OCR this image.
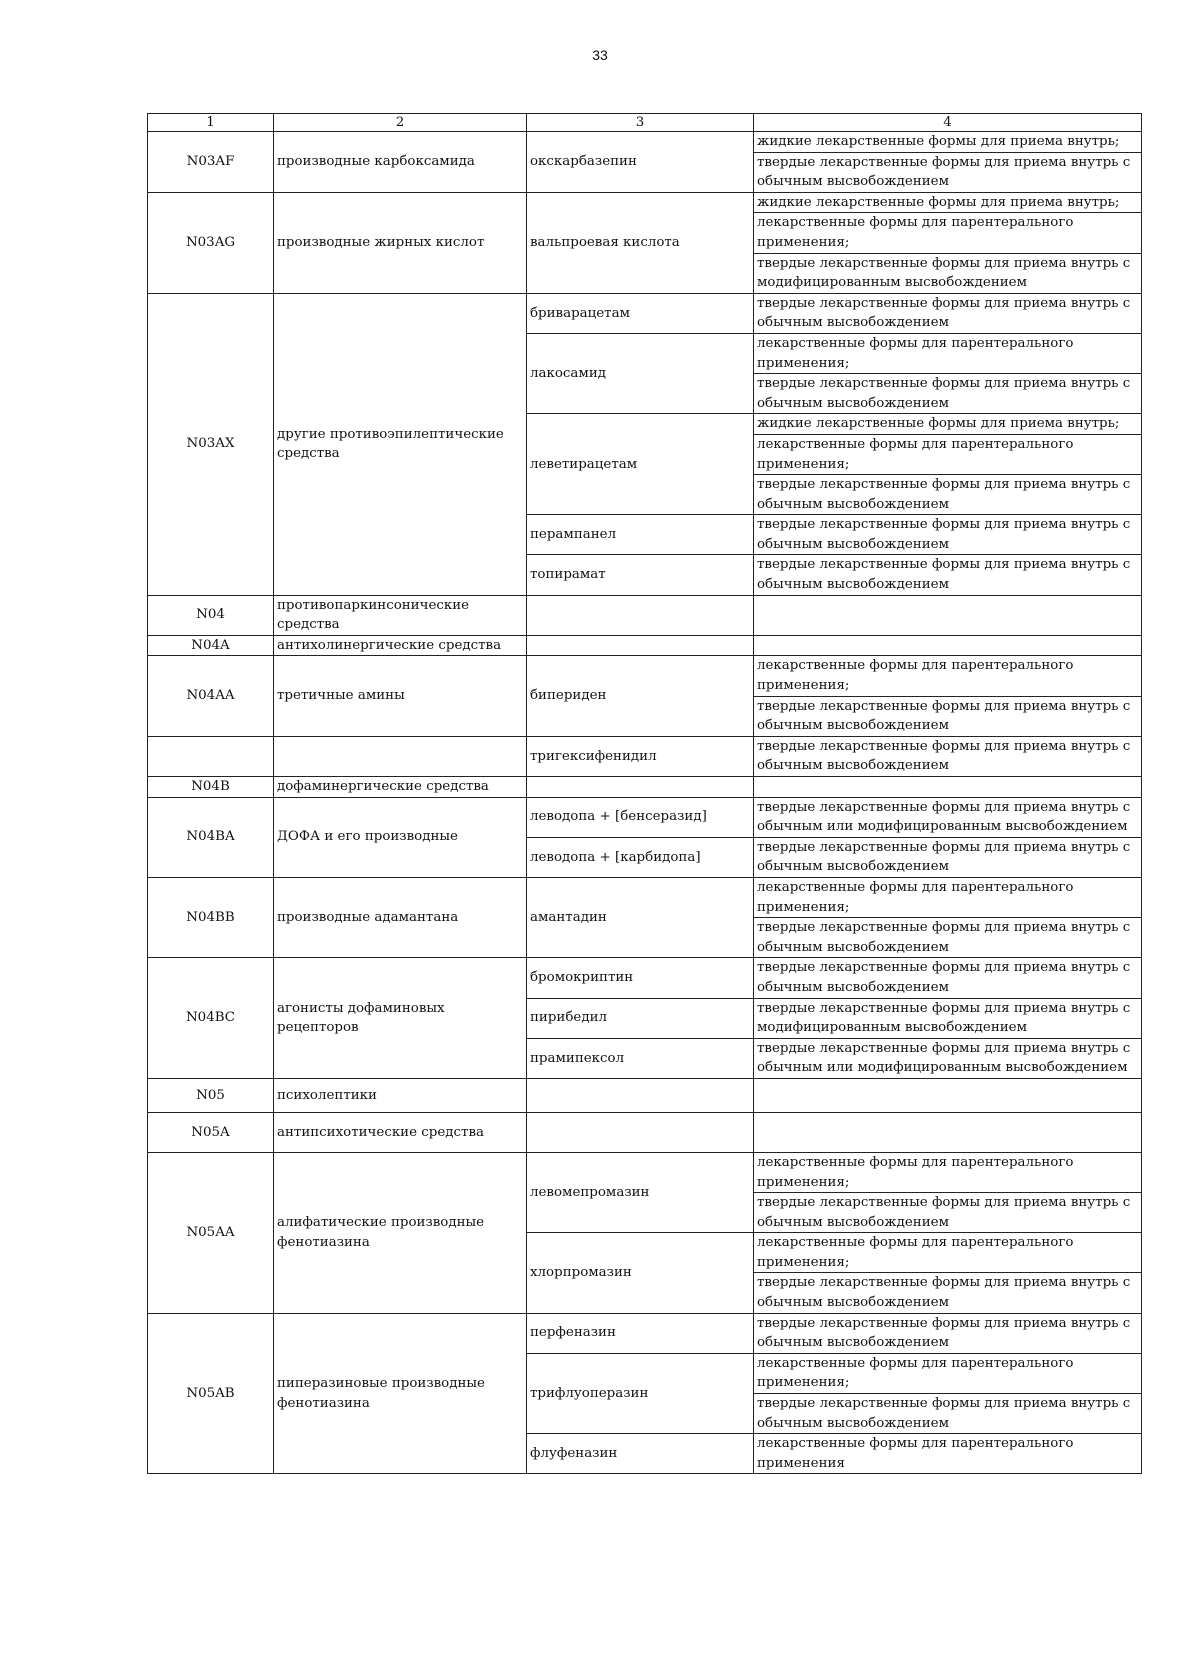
33
1	2	3	4
N03AF	производные карбоксамида	окскарбазепин	жидкие лекарственные формы для приема внутрь;
			твердые лекарственные формы для приема внутрь с обычным высвобождением
N03AG	производные жирных кислот	вальпроевая кислота	жидкие лекарственные формы для приема внутрь;
			лекарственные формы для парентерального применения;
			твердые лекарственные формы для приема внутрь с модифицированным высвобождением
N03AX	другие противоэпилептические средства	бриварацетам	твердые лекарственные формы для приема внутрь с обычным высвобождением
		лакосамид	лекарственные формы для парентерального применения;
			твердые лекарственные формы для приема внутрь с обычным высвобождением
		леветирацетам	жидкие лекарственные формы для приема внутрь;
			лекарственные формы для парентерального применения;
			твердые лекарственные формы для приема внутрь с обычным высвобождением
		перампанел	твердые лекарственные формы для приема внутрь с обычным высвобождением
		топирамат	твердые лекарственные формы для приема внутрь с обычным высвобождением
N04	противопаркинсонические средства		
N04A	антихолинергические средства		
N04AA	третичные амины	бипериден	лекарственные формы для парентерального применения;
			твердые лекарственные формы для приема внутрь с обычным высвобождением
		тригексифенидил	твердые лекарственные формы для приема внутрь с обычным высвобождением
N04B	дофаминергические средства		
N04BA	ДОФА и его производные	леводопа + [бенсеразид]	твердые лекарственные формы для приема внутрь с обычным или модифицированным высвобождением
		леводопа + [карбидопа]	твердые лекарственные формы для приема внутрь с обычным высвобождением
N04BB	производные адамантана	амантадин	лекарственные формы для парентерального применения;
			твердые лекарственные формы для приема внутрь с обычным высвобождением
N04BC	агонисты дофаминовых рецепторов	бромокриптин	твердые лекарственные формы для приема внутрь с обычным высвобождением
		пирибедил	твердые лекарственные формы для приема внутрь с модифицированным высвобождением
		прамипексол	твердые лекарственные формы для приема внутрь с обычным или модифицированным высвобождением
N05	психолептики		
N05A	антипсихотические средства		
N05AA	алифатические производные фенотиазина	левомепромазин	лекарственные формы для парентерального применения;
			твердые лекарственные формы для приема внутрь с обычным высвобождением
		хлорпромазин	лекарственные формы для парентерального применения;
			твердые лекарственные формы для приема внутрь с обычным высвобождением
N05AB	пиперазиновые производные фенотиазина	перфеназин	твердые лекарственные формы для приема внутрь с обычным высвобождением
		трифлуоперазин	лекарственные формы для парентерального применения;
			твердые лекарственные формы для приема внутрь с обычным высвобождением
		флуфеназин	лекарственные формы для парентерального применения
